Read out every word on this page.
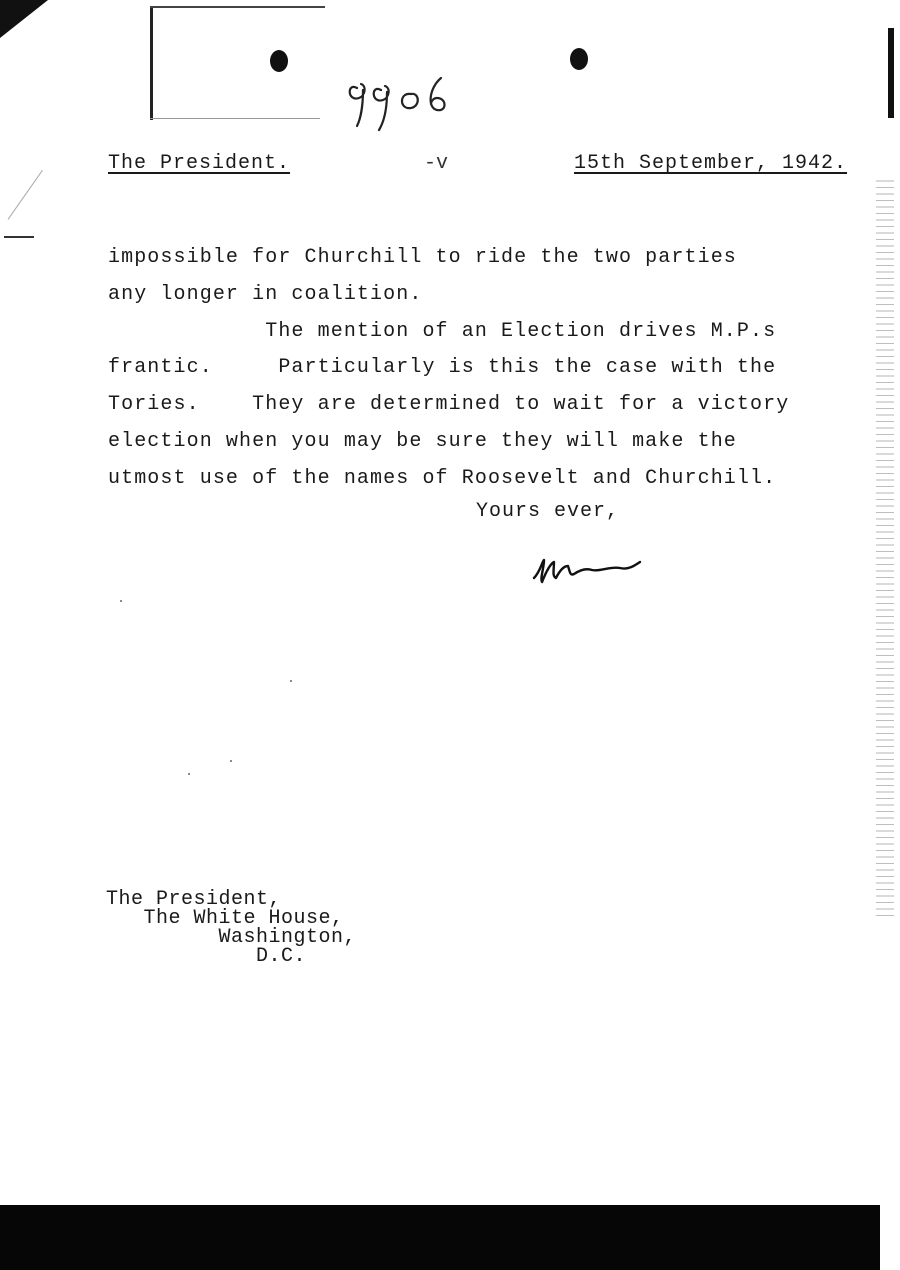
The President.	-v	15th September, 1942.
impossible for Churchill to ride the two parties
any longer in coalition.
The mention of an Election drives M.P.s
frantic.     Particularly is this the case with the
Tories.    They are determined to wait for a victory
election when you may be sure they will make the
utmost use of the names of Roosevelt and Churchill.
Yours ever,
The President,
The White House,
Washington,
D.C.
